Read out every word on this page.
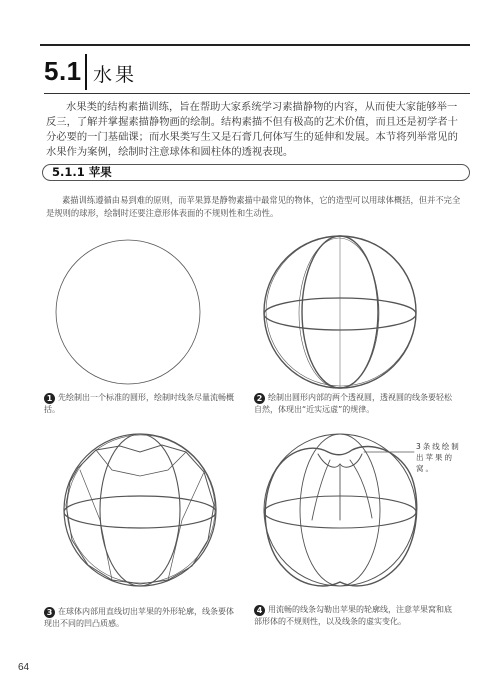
5.1 水果
水果类的结构素描训练，旨在帮助大家系统学习素描静物的内容，从而使大家能够举一反三，了解并掌握素描静物画的绘制。结构素描不但有极高的艺术价值，而且还是初学者十分必要的一门基础课；而水果类写生又是石膏几何体写生的延伸和发展。本节将列举常见的水果作为案例，绘制时注意球体和圆柱体的透视表现。
5.1.1 苹果
素描训练遵循由易到难的原则，而苹果算是静物素描中最常见的物体，它的造型可以用球体概括，但并不完全是规则的球形，绘制时还要注意形体表面的不规则性和生动性。
3条线绘制出苹果的窝。
1 先绘制出一个标准的圆形，绘制时线条尽量流畅概括。
2 绘制出圆形内部的两个透视圆，透视圆的线条要轻松自然，体现出“近实远虚”的规律。
3 在球体内部用直线切出苹果的外形轮廓，线条要体现出不同的凹凸质感。
4 用流畅的线条勾勒出苹果的轮廓线，注意苹果窝和底部形体的不规则性，以及线条的虚实变化。
64
